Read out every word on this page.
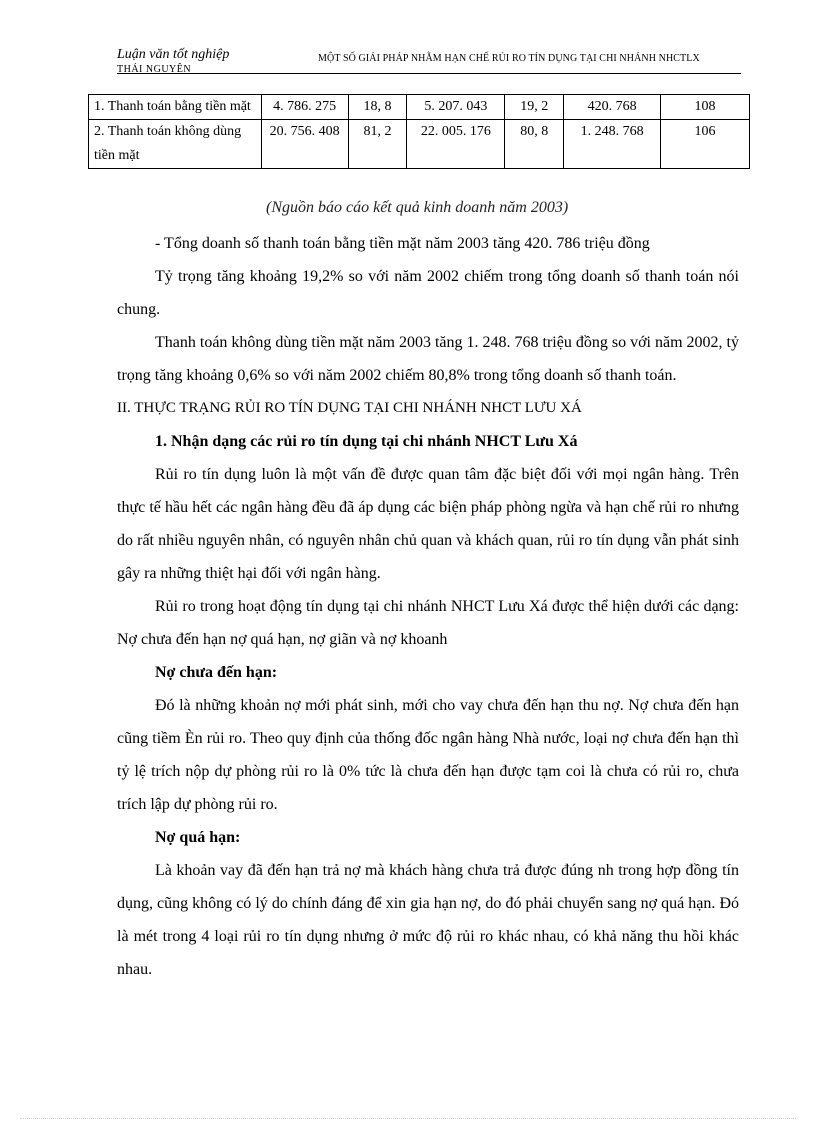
Luận văn tốt nghiệp
THÁI NGUYÊN
MỘT SỐ GIẢI PHÁP NHẰM HẠN CHẾ RỦI RO TÍN DỤNG TẠI CHI NHÁNH NHCTLX
1. Thanh toán bằng tiền mặt	4. 786. 275	18, 8	5. 207. 043	19, 2	420. 768	108
2. Thanh toán không dùng tiền mặt	20. 756. 408	81, 2	22. 005. 176	80, 8	1. 248. 768	106
(Nguồn báo cáo kết quả kinh doanh năm 2003)

- Tổng doanh số thanh toán bằng tiền mặt năm 2003 tăng 420. 786 triệu đồng

Tỷ trọng tăng khoảng 19,2% so với năm 2002 chiếm trong tổng doanh số thanh toán nói chung.

Thanh toán không dùng tiền mặt năm 2003 tăng 1. 248. 768 triệu đồng so với năm 2002, tỷ trọng tăng khoảng 0,6% so với năm 2002 chiếm 80,8% trong tổng doanh số thanh toán.

II. THỰC TRẠNG RỦI RO TÍN DỤNG TẠI CHI NHÁNH NHCT LƯU XÁ

1. Nhận dạng các rủi ro tín dụng tại chi nhánh NHCT Lưu Xá

Rủi ro tín dụng luôn là một vấn đề được quan tâm đặc biệt đối với mọi ngân hàng. Trên thực tế hầu hết các ngân hàng đều đã áp dụng các biện pháp phòng ngừa và hạn chế rủi ro nhưng do rất nhiều nguyên nhân, có nguyên nhân chủ quan và khách quan, rủi ro tín dụng vẫn phát sinh gây ra những thiệt hại đối với ngân hàng.

Rủi ro trong hoạt động tín dụng tại chi nhánh NHCT Lưu Xá được thể hiện dưới các dạng: Nợ chưa đến hạn nợ quá hạn, nợ giãn và nợ khoanh

Nợ chưa đến hạn:

Đó là những khoản nợ mới phát sinh, mới cho vay chưa đến hạn thu nợ. Nợ chưa đến hạn cũng tiềm Èn rủi ro. Theo quy định của thống đốc ngân hàng Nhà nước, loại nợ chưa đến hạn thì tỷ lệ trích nộp dự phòng rủi ro là 0% tức là chưa đến hạn được tạm coi là chưa có rủi ro, chưa trích lập dự phòng rủi ro.

Nợ quá hạn:

Là khoản vay đã đến hạn trả nợ mà khách hàng chưa trả được đúng nh trong hợp đồng tín dụng, cũng không có lý do chính đáng để xin gia hạn nợ, do đó phải chuyển sang nợ quá hạn. Đó là mét trong 4 loại rủi ro tín dụng nhưng ở mức độ rủi ro khác nhau, có khả năng thu hồi khác nhau.
